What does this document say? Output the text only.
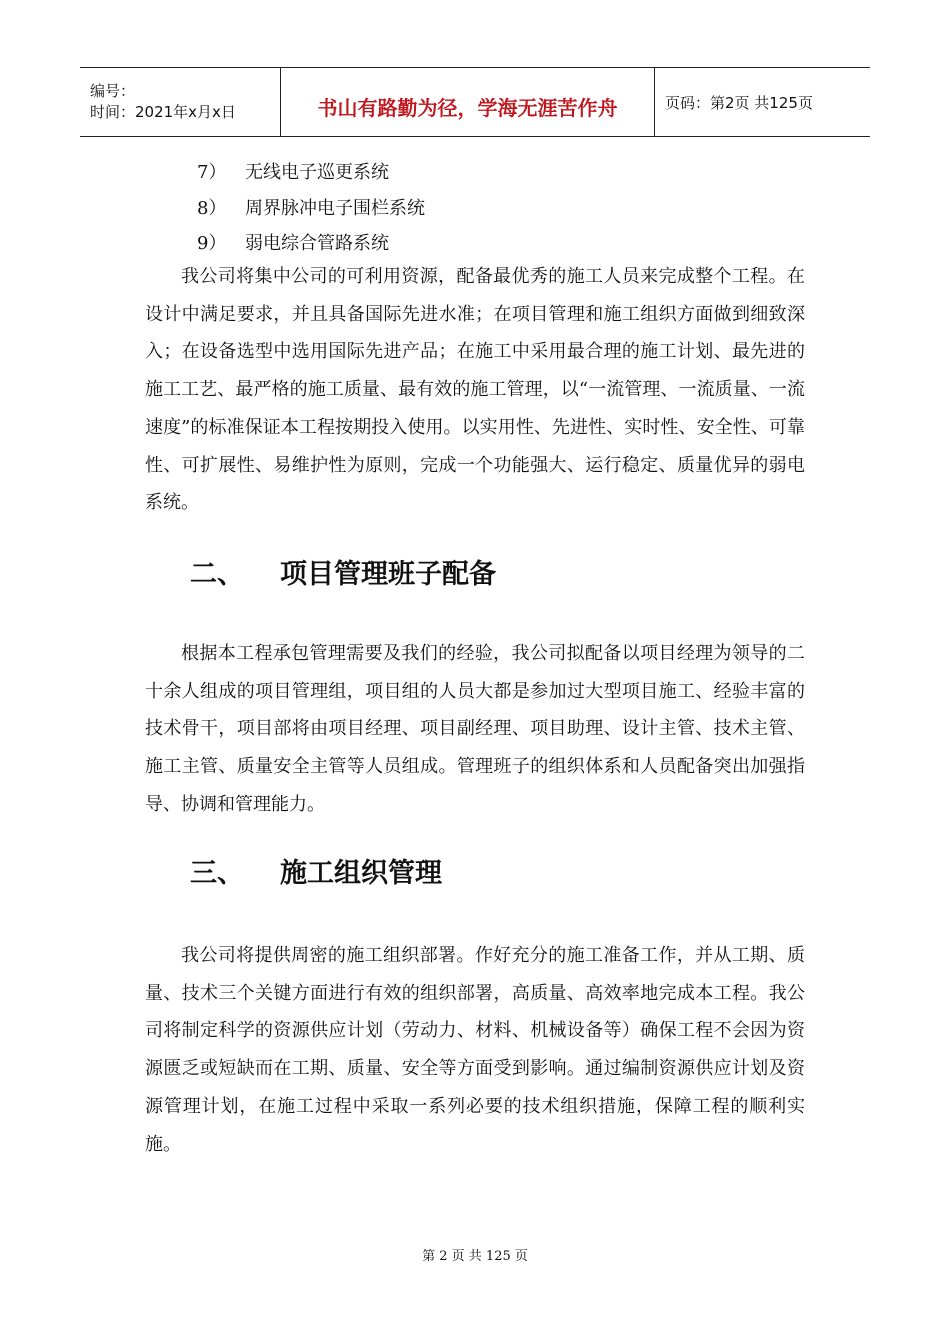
编号：
时间：2021年x月x日	书山有路勤为径，学海无涯苦作舟	页码：第2页 共125页
7） 无线电子巡更系统
8） 周界脉冲电子围栏系统
9） 弱电综合管路系统
我公司将集中公司的可利用资源，配备最优秀的施工人员来完成整个工程。在设计中满足要求，并且具备国际先进水准；在项目管理和施工组织方面做到细致深入；在设备选型中选用国际先进产品；在施工中采用最合理的施工计划、最先进的施工工艺、最严格的施工质量、最有效的施工管理，以“一流管理、一流质量、一流速度”的标准保证本工程按期投入使用。以实用性、先进性、实时性、安全性、可靠性、可扩展性、易维护性为原则，完成一个功能强大、运行稳定、质量优异的弱电系统。
二、 项目管理班子配备
根据本工程承包管理需要及我们的经验，我公司拟配备以项目经理为领导的二十余人组成的项目管理组，项目组的人员大都是参加过大型项目施工、经验丰富的技术骨干，项目部将由项目经理、项目副经理、项目助理、设计主管、技术主管、施工主管、质量安全主管等人员组成。管理班子的组织体系和人员配备突出加强指导、协调和管理能力。
三、 施工组织管理
我公司将提供周密的施工组织部署。作好充分的施工准备工作，并从工期、质量、技术三个关键方面进行有效的组织部署，高质量、高效率地完成本工程。我公司将制定科学的资源供应计划（劳动力、材料、机械设备等）确保工程不会因为资源匮乏或短缺而在工期、质量、安全等方面受到影响。通过编制资源供应计划及资源管理计划，在施工过程中采取一系列必要的技术组织措施，保障工程的顺利实施。
第 2 页 共 125 页
